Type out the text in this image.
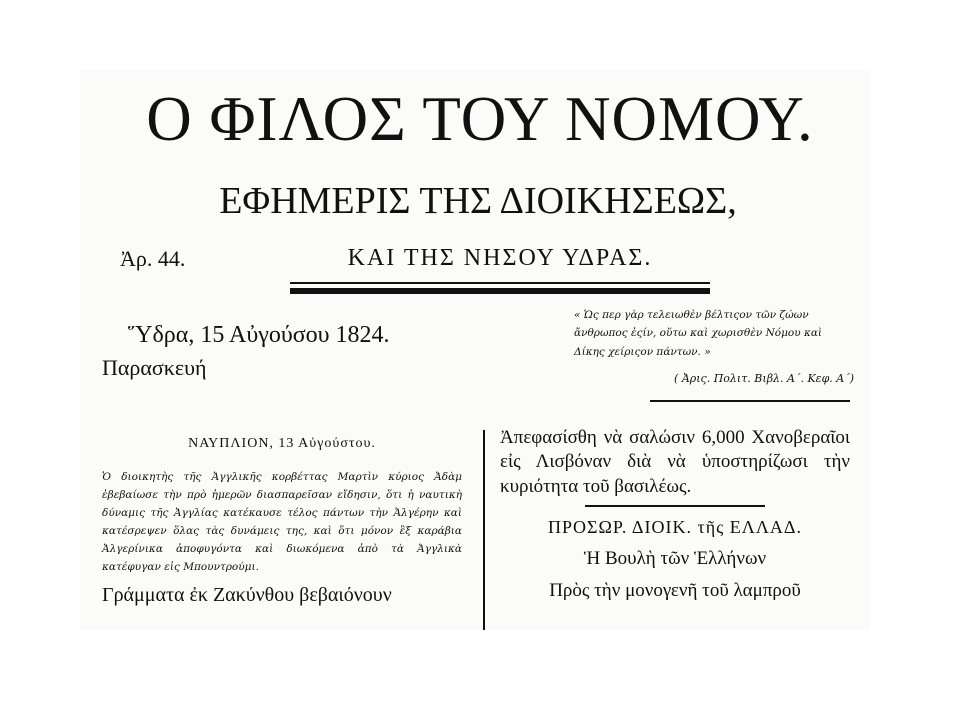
Ο ΦΙΛΟΣ ΤΟΥ ΝΟΜΟΥ.
ΕΦΗΜΕΡΙΣ ΤΗΣ ΔΙΟΙΚΗΣΕΩΣ,
Ἀρ. 44.	ΚΑΙ ΤΗΣ ΝΗΣΟΥ ΥΔΡΑΣ.
Ὕδρα, 15 Αὐγούσου 1824.
Παρασκευή
« Ὡς περ γὰρ τελειωθὲν βέλτιςον τῶν ζώων ἄνθρωπος ἐςίν, οὕτω καὶ χωρισθὲν Νόμου καὶ Δίκης χείριςον πάντων. »
( Ἀρις. Πολιτ. Βιβλ. Α΄. Κεφ. Α΄)
ΝΑΥΠΛΙΟΝ, 13 Αὐγούστου.
Ὁ διοικητὴς τῆς Ἀγγλικῆς κορβέττας Μαρτὶν κύριος Ἀδὰμ ἐβεβαίωσε τὴν πρὸ ἡμερῶν διασπαρεῖσαν εἴδησιν, ὅτι ἡ ναυτικὴ δύναμις τῆς Ἀγγλίας κατέκαυσε τέλος πάντων τὴν Ἀλγέρην καὶ κατέσρεψεν ὅλας τὰς δυνάμεις της, καὶ ὅτι μόνον ἓξ καράβια Ἀλγερίνικα ἀποφυγόντα καὶ διωκόμενα ἀπὸ τὰ Ἀγγλικὰ κατέφυγαν εἰς Μπουντρούμι.
Γράμματα ἐκ Ζακύνθου βεβαιόνουν
Ἀπεφασίσθη νὰ σαλώσιν 6,000 Χανοβεραῖοι εἰς Λισβόναν διὰ νὰ ὑποστηρίζωσι τὴν κυριότητα τοῦ βασιλέως.
ΠΡΟΣΩΡ. ΔΙΟΙΚ. τῆς ΕΛΛΑΔ.
Ἡ Βουλὴ τῶν Ἑλλήνων
Πρὸς τὴν μονογενῆ τοῦ λαμπροῦ
